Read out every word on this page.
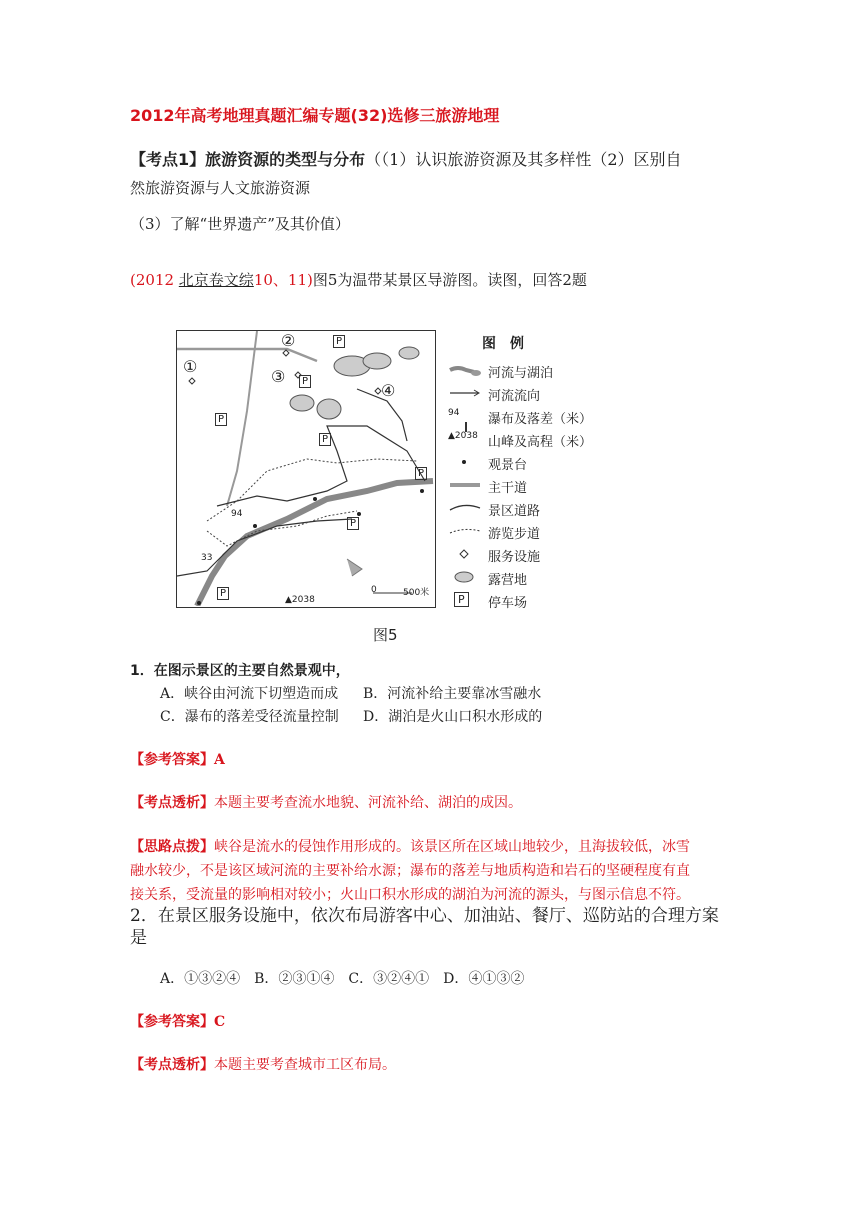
2012年高考地理真题汇编专题(32)选修三旅游地理
【考点1】旅游资源的类型与分布（（1）认识旅游资源及其多样性（2）区别自
然旅游资源与人文旅游资源
（3）了解“世界遗产”及其价值）
(2012 北京卷文综10、11)图5为温带某景区导游图。读图，回答2题
①
②
③
④
P
P
P
P
P
P
P
94
33
▲2038
0	500米
图　例
河流与湖泊
河流流向
94	瀑布及落差（米）
▲2038 山峰及高程（米）
观景台
主干道
景区道路
游览步道
服务设施
露营地
P	停车场
图5
1．在图示景区的主要自然景观中，
A．峡谷由河流下切塑造而成 B．河流补给主要靠冰雪融水
C．瀑布的落差受径流量控制 D．湖泊是火山口积水形成的
【参考答案】A
【考点透析】本题主要考查流水地貌、河流补给、湖泊的成因。
【思路点拨】峡谷是流水的侵蚀作用形成的。该景区所在区域山地较少，且海拔较低，冰雪
融水较少，不是该区域河流的主要补给水源；瀑布的落差与地质构造和岩石的坚硬程度有直
接关系，受流量的影响相对较小；火山口积水形成的湖泊为河流的源头，与图示信息不符。
2．在景区服务设施中，依次布局游客中心、加油站、餐厅、巡防站的合理方案
是
A．①③②④　B．②③①④　C．③②④①　D．④①③②
【参考答案】C
【考点透析】本题主要考查城市工区布局。
